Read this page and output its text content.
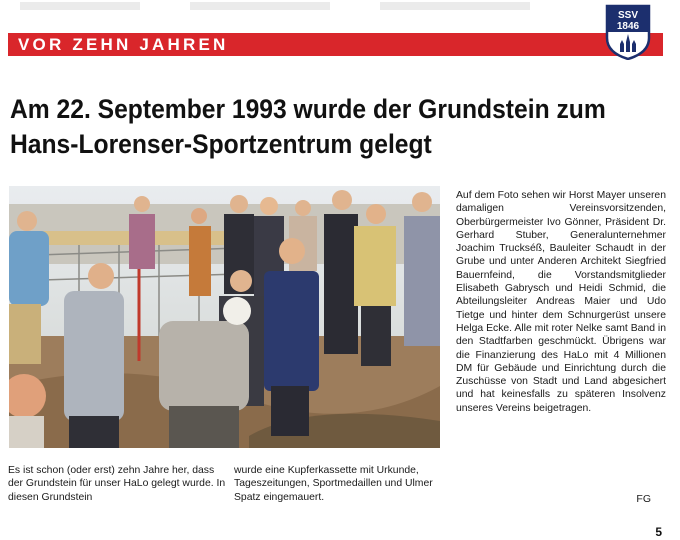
VOR ZEHN JAHREN
SSV
1846
Am 22. September 1993 wurde der Grundstein zum
Hans-Lorenser-Sportzentrum gelegt
Auf dem Foto sehen wir Horst Mayer unseren damaligen Vereinsvorsitzenden, Oberbürgermeister Ivo Gönner, Präsident Dr. Gerhard Stuber, Generalunternehmer Joachim Truckséß, Bauleiter Schaudt in der Grube und unter Anderen Architekt Siegfried Bauernfeind, die Vorstandsmitglieder Elisabeth Gabrysch und Heidi Schmid, die Abteilungsleiter Andreas Maier und Udo Tietge und hinter dem Schnurgerüst unsere Helga Ecke. Alle mit roter Nelke samt Band in den Stadtfarben geschmückt. Übrigens war die Finanzierung des HaLo mit 4 Millionen DM für Gebäude und Einrichtung durch die Zuschüsse von Stadt und Land abgesichert und hat keinesfalls zu späteren Insolvenz unseres Vereins beigetragen.
Es ist schon (oder erst) zehn Jahre her, dass der Grundstein für unser HaLo gelegt wurde. In diesen Grundstein
wurde eine Kupferkassette mit Urkunde, Tageszeitungen, Sportmedaillen und Ulmer Spatz eingemauert.	FG
5
